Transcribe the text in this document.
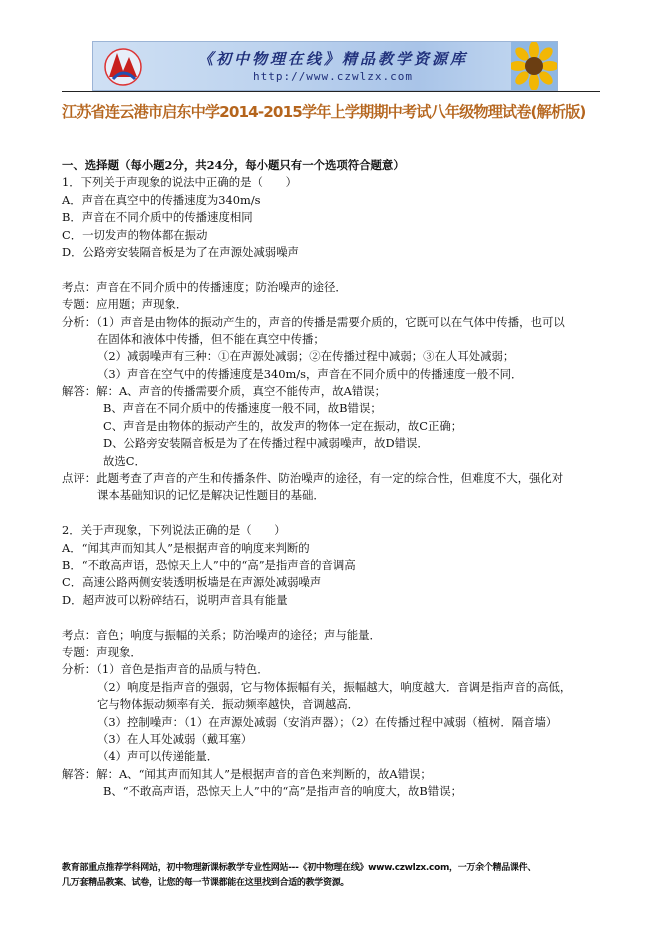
《初中物理在线》精品教学资源库
http://www.czwlzx.com
江苏省连云港市启东中学2014-2015学年上学期期中考试八年级物理试卷(解析版)
一、选择题（每小题2分，共24分，每小题只有一个选项符合题意）
1．下列关于声现象的说法中正确的是（　　）
A．声音在真空中的传播速度为340m/s
B．声音在不同介质中的传播速度相同
C．一切发声的物体都在振动
D．公路旁安装隔音板是为了在声源处减弱噪声
考点：声音在不同介质中的传播速度；防治噪声的途径．
专题：应用题；声现象．
分析：（1）声音是由物体的振动产生的，声音的传播是需要介质的，它既可以在气体中传播，也可以
在固体和液体中传播，但不能在真空中传播；
（2）减弱噪声有三种：①在声源处减弱；②在传播过程中减弱；③在人耳处减弱；
（3）声音在空气中的传播速度是340m/s，声音在不同介质中的传播速度一般不同．
解答：解：A、声音的传播需要介质，真空不能传声，故A错误；
B、声音在不同介质中的传播速度一般不同，故B错误；
C、声音是由物体的振动产生的，故发声的物体一定在振动，故C正确；
D、公路旁安装隔音板是为了在传播过程中减弱噪声，故D错误．
故选C．
点评：此题考查了声音的产生和传播条件、防治噪声的途径，有一定的综合性，但难度不大，强化对
课本基础知识的记忆是解决记性题目的基础．
2．关于声现象，下列说法正确的是（　　）
A．“闻其声而知其人”是根据声音的响度来判断的
B．“不敢高声语，恐惊天上人”中的“高”是指声音的音调高
C．高速公路两侧安装透明板墙是在声源处减弱噪声
D．超声波可以粉碎结石，说明声音具有能量
考点：音色；响度与振幅的关系；防治噪声的途径；声与能量．
专题：声现象．
分析：（1）音色是指声音的品质与特色．
（2）响度是指声音的强弱，它与物体振幅有关，振幅越大，响度越大．音调是指声音的高低，
它与物体振动频率有关．振动频率越快，音调越高．
（3）控制噪声：（1）在声源处减弱（安消声器）；（2）在传播过程中减弱（植树．隔音墙）
（3）在人耳处减弱（戴耳塞）
（4）声可以传递能量．
解答：解：A、“闻其声而知其人”是根据声音的音色来判断的，故A错误；
B、“不敢高声语，恐惊天上人”中的“高”是指声音的响度大，故B错误；
教育部重点推荐学科网站，初中物理新课标教学专业性网站---《初中物理在线》www.czwlzx.com，一万余个精品课件、
几万套精品教案、试卷，让您的每一节课都能在这里找到合适的教学资源。
